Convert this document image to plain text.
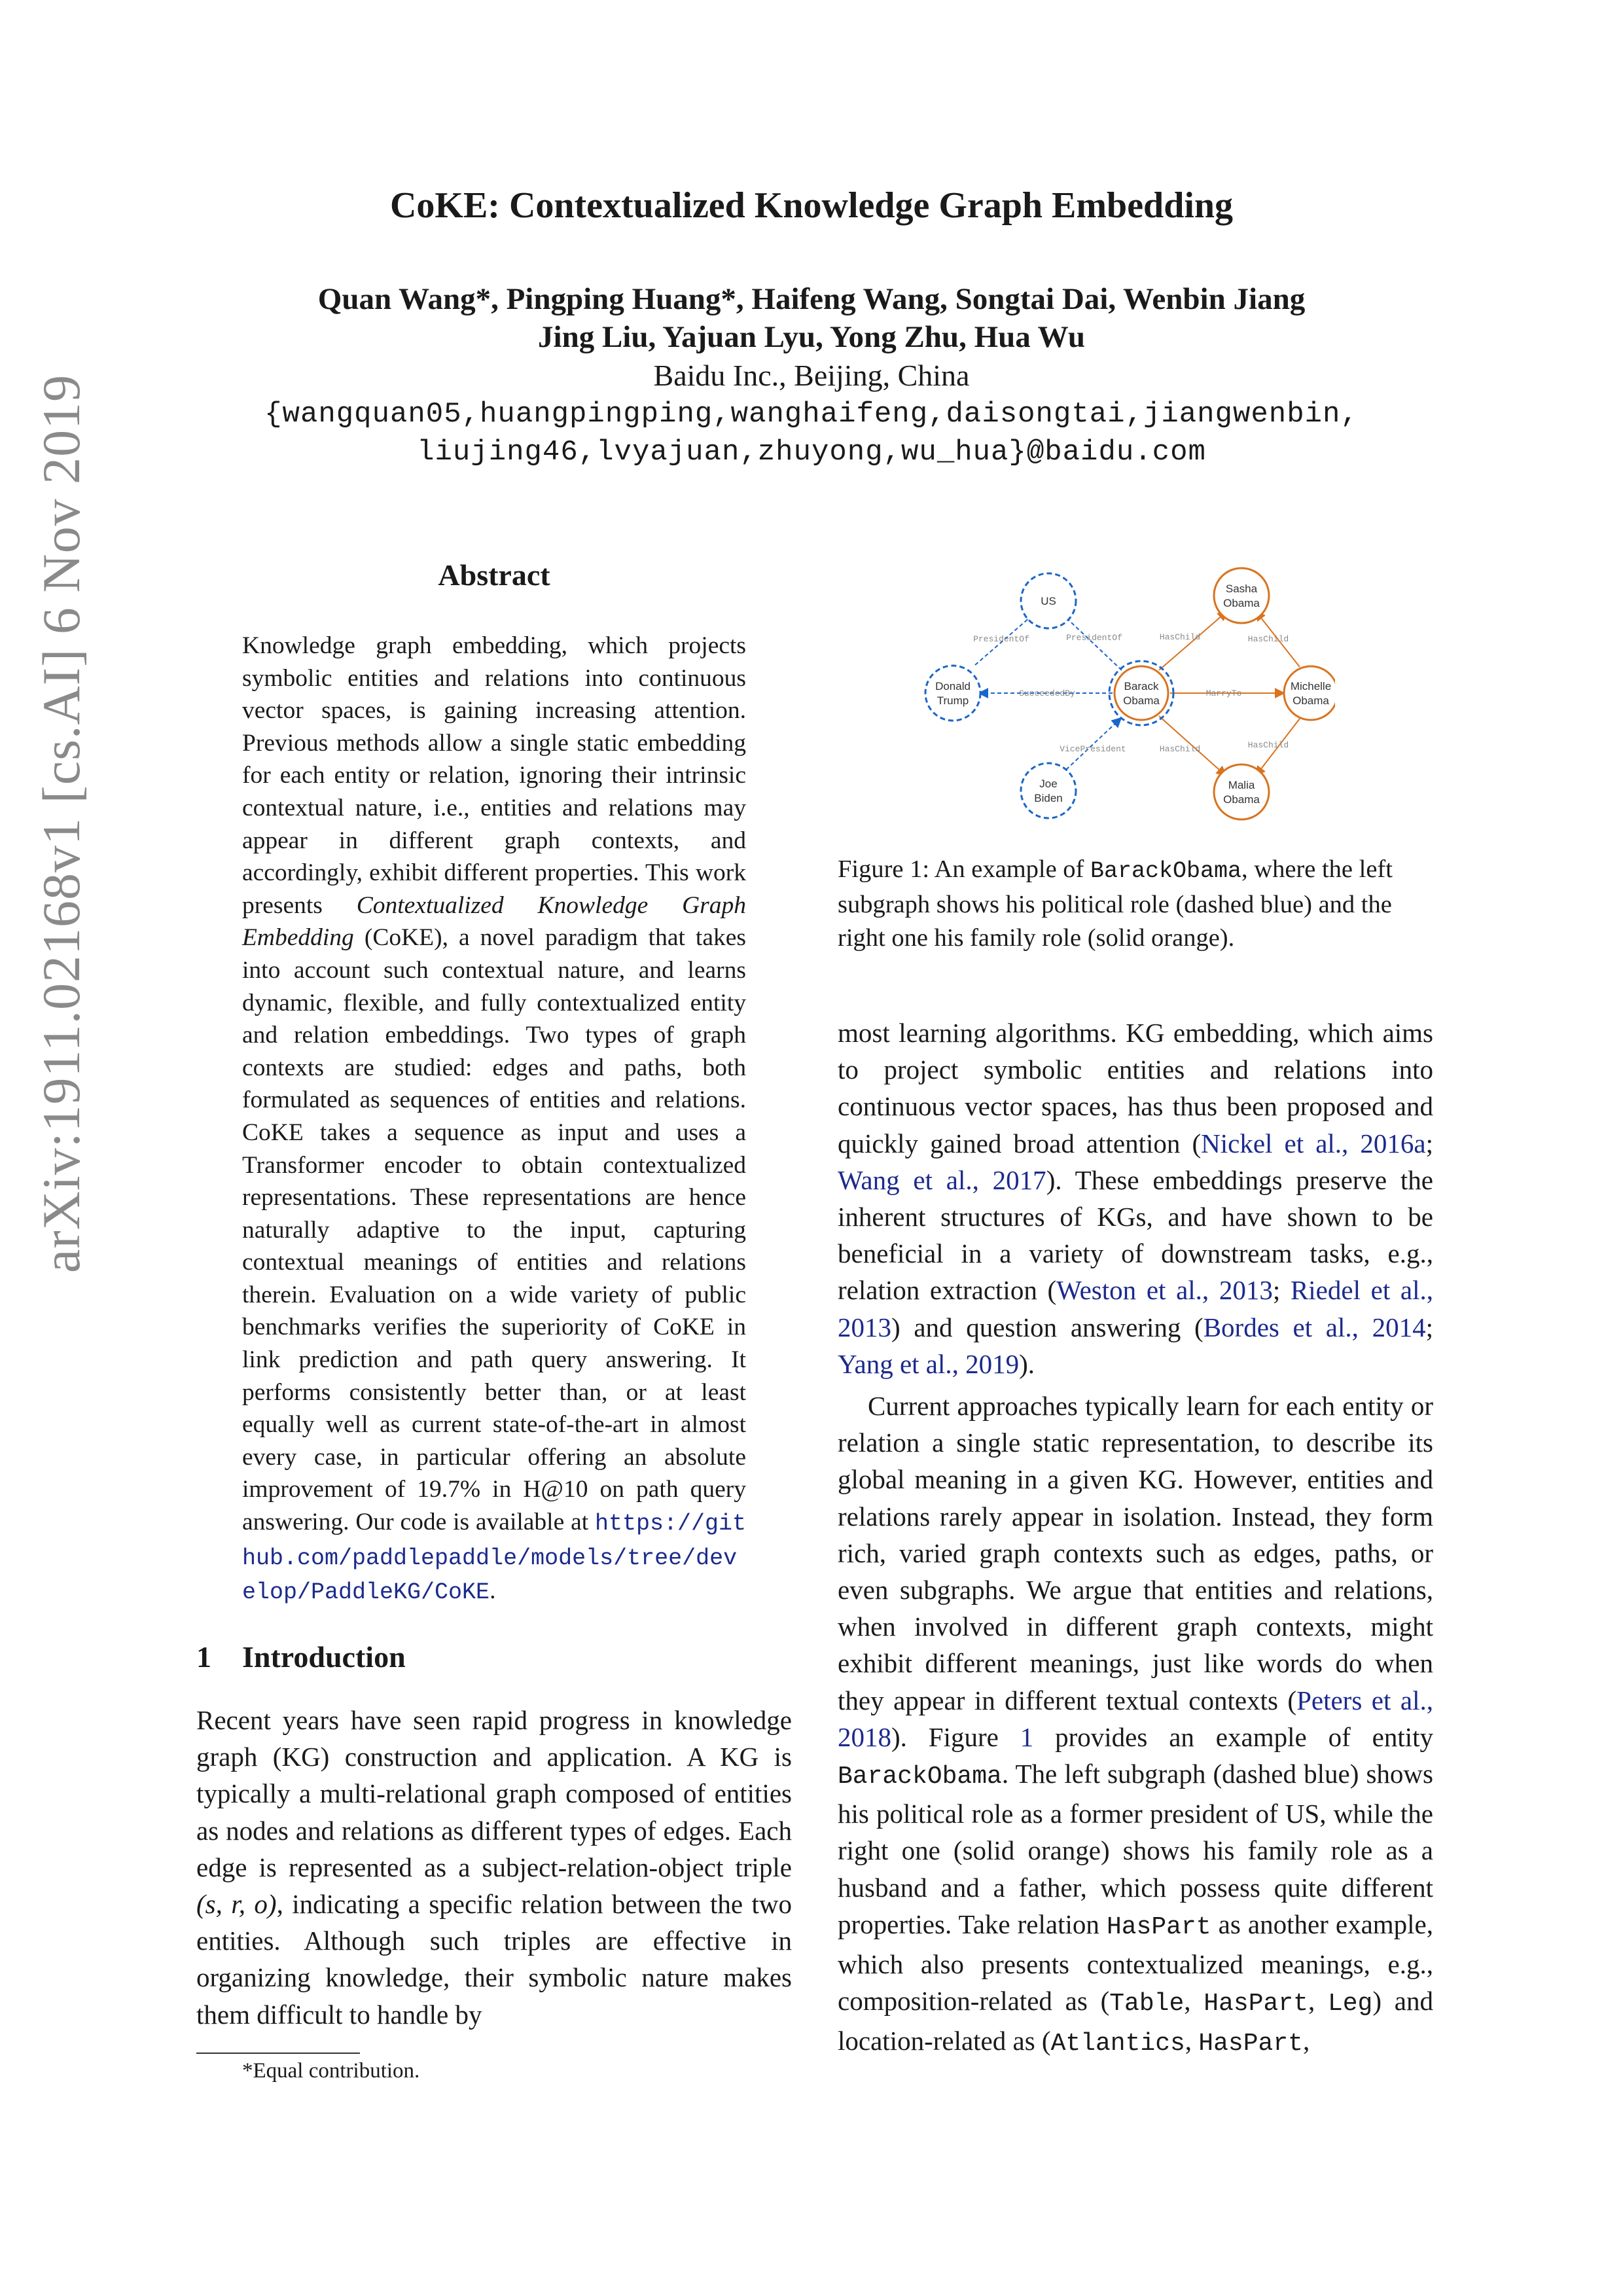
arXiv:1911.02168v1 [cs.AI] 6 Nov 2019
CoKE: Contextualized Knowledge Graph Embedding
Quan Wang*, Pingping Huang*, Haifeng Wang, Songtai Dai, Wenbin Jiang
Jing Liu, Yajuan Lyu, Yong Zhu, Hua Wu
Baidu Inc., Beijing, China
{wangquan05,huangpingping,wanghaifeng,daisongtai,jiangwenbin,
liujing46,lvyajuan,zhuyong,wu_hua}@baidu.com
Abstract
Knowledge graph embedding, which projects symbolic entities and relations into continuous vector spaces, is gaining increasing attention. Previous methods allow a single static embedding for each entity or relation, ignoring their intrinsic contextual nature, i.e., entities and relations may appear in different graph contexts, and accordingly, exhibit different properties. This work presents Contextualized Knowledge Graph Embedding (CoKE), a novel paradigm that takes into account such contextual nature, and learns dynamic, flexible, and fully contextualized entity and relation embeddings. Two types of graph contexts are studied: edges and paths, both formulated as sequences of entities and relations. CoKE takes a sequence as input and uses a Transformer encoder to obtain contextualized representations. These representations are hence naturally adaptive to the input, capturing contextual meanings of entities and relations therein. Evaluation on a wide variety of public benchmarks verifies the superiority of CoKE in link prediction and path query answering. It performs consistently better than, or at least equally well as current state-of-the-art in almost every case, in particular offering an absolute improvement of 19.7% in H@10 on path query answering. Our code is available at https://github.com/paddlepaddle/models/tree/develop/PaddleKG/CoKE.
1 Introduction
Recent years have seen rapid progress in knowledge graph (KG) construction and application. A KG is typically a multi-relational graph composed of entities as nodes and relations as different types of edges. Each edge is represented as a subject-relation-object triple (s, r, o), indicating a specific relation between the two entities. Although such triples are effective in organizing knowledge, their symbolic nature makes them difficult to handle by
*Equal contribution.
PresidentOf	PresidentOf
SucceededBy
VicePresident
HasChild	HasChild
MarryTo
HasChild	HasChild
US
Donald
Trump
Joe
Biden
Barack
Obama
Sasha
Obama
Michelle
Obama
Malia
Obama
Figure 1: An example of BarackObama, where the left subgraph shows his political role (dashed blue) and the right one his family role (solid orange).

most learning algorithms. KG embedding, which aims to project symbolic entities and relations into continuous vector spaces, has thus been proposed and quickly gained broad attention (Nickel et al., 2016a; Wang et al., 2017). These embeddings preserve the inherent structures of KGs, and have shown to be beneficial in a variety of downstream tasks, e.g., relation extraction (Weston et al., 2013; Riedel et al., 2013) and question answering (Bordes et al., 2014; Yang et al., 2019).

Current approaches typically learn for each entity or relation a single static representation, to describe its global meaning in a given KG. However, entities and relations rarely appear in isolation. Instead, they form rich, varied graph contexts such as edges, paths, or even subgraphs. We argue that entities and relations, when involved in different graph contexts, might exhibit different meanings, just like words do when they appear in different textual contexts (Peters et al., 2018). Figure 1 provides an example of entity BarackObama. The left subgraph (dashed blue) shows his political role as a former president of US, while the right one (solid orange) shows his family role as a husband and a father, which possess quite different properties. Take relation HasPart as another example, which also presents contextualized meanings, e.g., composition-related as (Table, HasPart, Leg) and location-related as (Atlantics, HasPart,
